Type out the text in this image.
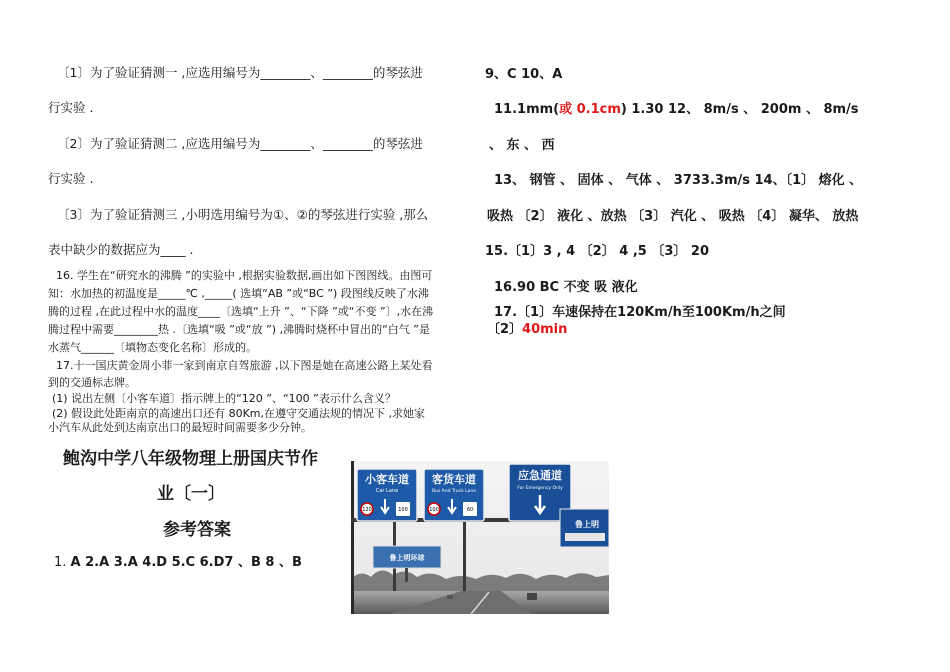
〔1〕为了验证猜测一 ,应选用编号为________、________的琴弦进
行实验 .
〔2〕为了验证猜测二 ,应选用编号为________、________的琴弦进
行实验 .
〔3〕为了验证猜测三 ,小明选用编号为①、②的琴弦进行实验 ,那么
表中缺少的数据应为____ .
16. 学生在“研究水的沸腾 ”的实验中 ,根据实验数据,画出如下图图线。由图可
知：水加热的初温度是_____℃ ,_____( 选填“AB ”或“BC ”) 段图线反映了水沸
腾的过程 ,在此过程中水的温度____〔选填“上升 ”、“下降 ”或“不变 ”〕,水在沸
腾过程中需要________热 .〔选填“吸 ”或“放 ”) ,沸腾时烧杯中冒出的“白气 ”是
水蒸气______〔填物态变化名称〕形成的。
17.十一国庆黄金周小菲一家到南京自驾旅游 ,以下图是她在高速公路上某处看
到的交通标志牌。
(1) 说出左侧〔小客车道〕指示牌上的“120 ”、“100 ”表示什么含义？
(2) 假设此处距南京的高速出口还有 80Km,在遵守交通法规的情况下 ,求她家
小汽车从此处到达南京出口的最短时间需要多少分钟。
鲍沟中学八年级物理上册国庆节作
业〔一〕
参考答案
1. A 2.A 3.A 4.D 5.C 6.D7 、B 8 、B
小客车道
Car Lane
120	100
客货车道
Bus And Truck Lane
100	60
应急通道
For Emergency Only
鲁上明
鲁上明环球
9、C 10、A
11.1mm(或 0.1cm) 1.30 12、 8m/s 、 200m 、 8m/s
、 东 、 西
13、 钢管 、 固体 、 气体 、 3733.3m/s 14、〔1〕 熔化 、
吸热 〔2〕 液化 、放热 〔3〕 汽化 、 吸热 〔4〕 凝华、 放热
15.〔1〕3 , 4 〔2〕 4 ,5 〔3〕 20
16.90 BC 不变 吸 液化
17.〔1〕车速保持在120Km/h至100Km/h之间
〔2〕40min
